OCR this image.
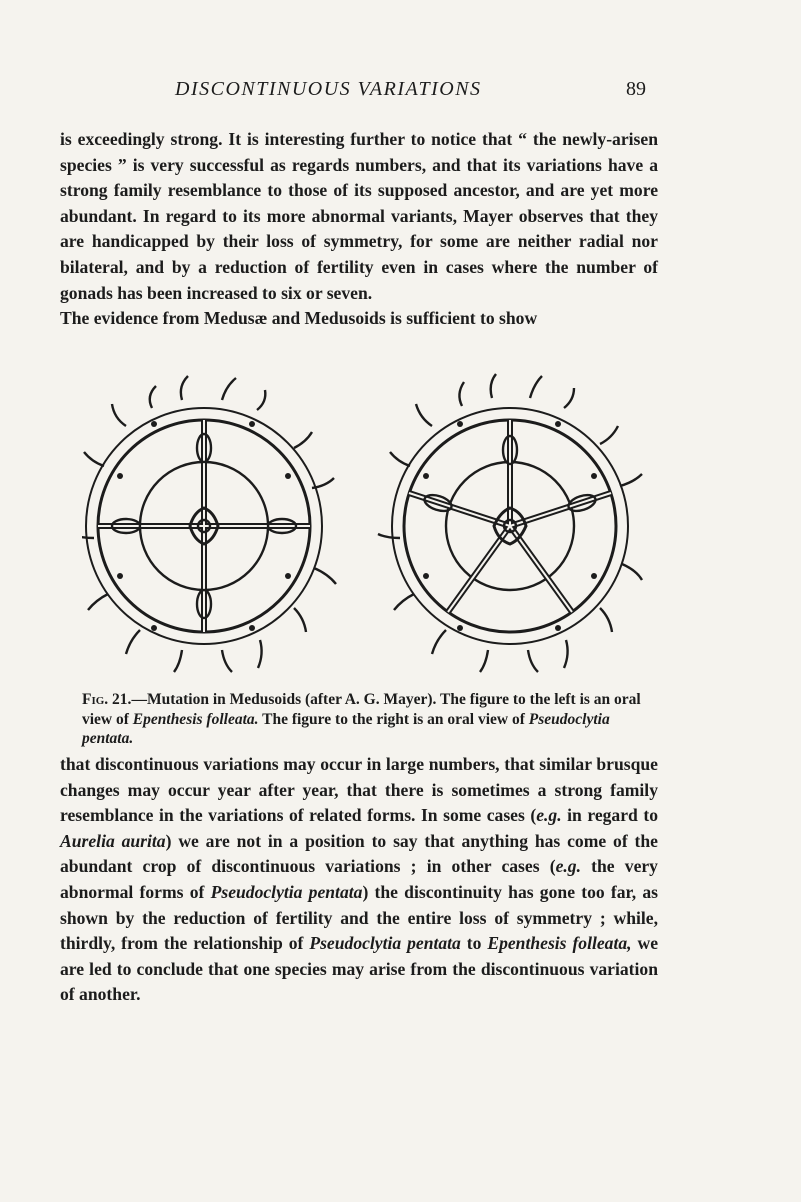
DISCONTINUOUS VARIATIONS	89

is exceedingly strong. It is interesting further to notice that “ the newly-arisen species ” is very successful as regards numbers, and that its variations have a strong family resemblance to those of its supposed ancestor, and are yet more abundant. In regard to its more abnormal variants, Mayer observes that they are handicapped by their loss of symmetry, for some are neither radial nor bilateral, and by a reduction of fertility even in cases where the number of gonads has been increased to six or seven.

The evidence from Medusæ and Medusoids is sufficient to show

Fig. 21.—Mutation in Medusoids (after A. G. Mayer). The figure to the left is an oral view of Epenthesis folleata. The figure to the right is an oral view of Pseudoclytia pentata.

that discontinuous variations may occur in large numbers, that similar brusque changes may occur year after year, that there is sometimes a strong family resemblance in the variations of related forms. In some cases (e.g. in regard to Aurelia aurita) we are not in a position to say that anything has come of the abundant crop of discontinuous variations ; in other cases (e.g. the very abnormal forms of Pseudoclytia pentata) the discontinuity has gone too far, as shown by the reduction of fertility and the entire loss of symmetry ; while, thirdly, from the relationship of Pseudoclytia pentata to Epenthesis folleata, we are led to conclude that one species may arise from the discontinuous variation of another.
